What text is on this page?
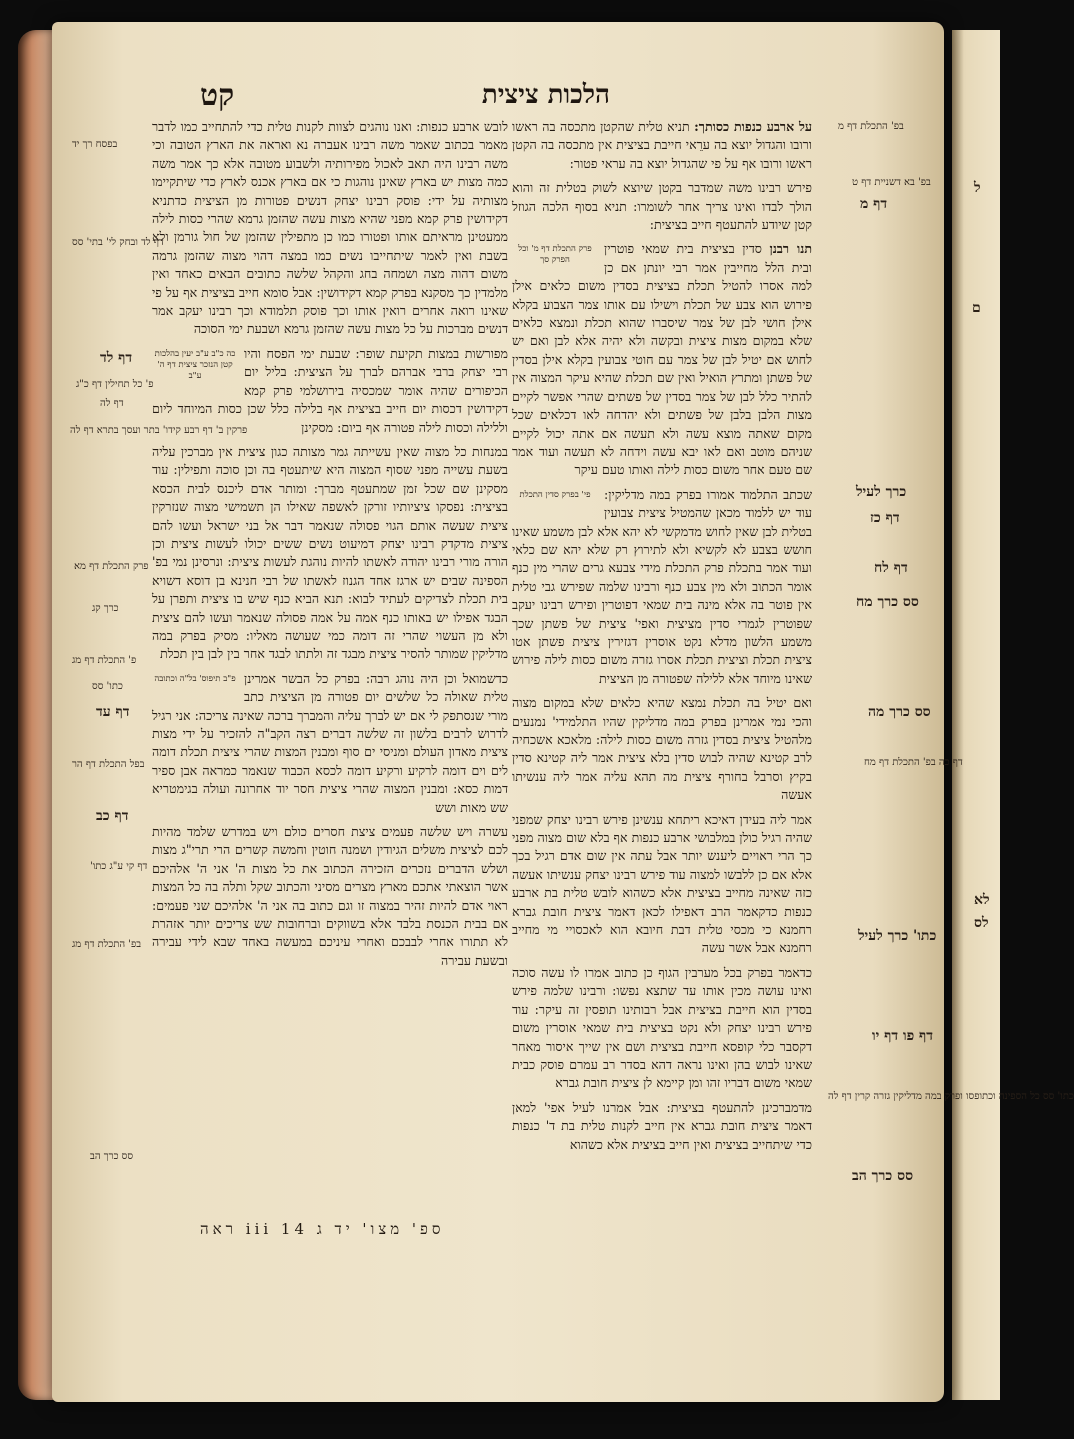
ל
ם
לא
לס
הלכות ציצית
קט

על ארבע כנפות כסותך: תניא טלית שהקטן מתכסה בה ראשו ורובו והגדול יוצא בה ערֵאי חייבת בציצית אין מתכסה בה הקטן ראשו ורובו אף על פי שהגדול יוצא בה עראי פטור:

פירש רבינו משה שמדבר בקטן שיוצא לשוק בטלית זה והוא הולך לבדו ואינו צריך אחר לשומרו: תניא בסוף הלכה הגוזל קטן שיודע להתעטף חייב בציצית:

פרק התכלת דף מ' וכל הפרק סך
תנו רבנן סדין בציצית בית שמאי פוטרין ובית הלל מחייבין אמר רבי יונתן אם כן למה אסרו להטיל תכלת בציצית בסדין משום כלאים אילן פירוש הוא צבע של תכלת וישילו עם אותו צמר הצבוע בקלא אילן חושי לבן של צמר שיסברו שהוא תכלת ונמצא כלאים שלא במקום מצות ציצית ובקשה ולא יהיה אלא לבן ואם יש לחוש אם יטיל לבן של צמר עם חוטי צבועין בקלא אילן בסדין של פשתן ומתרץ הואיל ואין שם תכלת שהיא עיקר המצוה אין להתיר כלל לבן של צמר בסדין של פשתים שהרי אפשר לקיים מצות הלבן בלבן של פשתים ולא יהדחה לאו דכלאים שכל מקום שאתה מוצא עשה ולא תעשה אם אתה יכול לקיים שניהם מוטב ואם לאו יבא עשה וידחה לא תעשה ועוד אמר שם טעם אחר משום כסות לילה ואותו טעם עיקר

פי' בפרק סדין התכלת	שכתב התלמוד אמורו בפרק במה מדליקין: עוד יש ללמוד מכאן שהמטיל ציצית צבועין בטלית לבן שאין לחוש מדמקשי לא יהא אלא לבן משמע שאינו חושש בצבע לא לקשיא ולא לתירוץ רק שלא יהא שם כלאי ועוד אמר בתכלת פרק התכלת מידי צבעא גרים שהרי מין כנף אומר הכתוב ולא מין צבע כנף ורבינו שלמה שפירש גבי טלית אין פוטר בה אלא מינה בית שמאי דפוטרין ופירש רבינו יעקב שפוטרין לגמרי סדין מציצית ואפי' ציצית של פשתן שכך משמע הלשון מדלא נקט אוסרין דגזירין ציצית פשתן אטו ציצית תכלת וציצית תכלת אסרו גזרה משום כסות לילה פירוש שאינו מיוחד אלא ללילה שפטורה מן הציצית

ואם יטיל בה תכלת נמצא שהיא כלאים שלא במקום מצוה והכי נמי אמרינן בפרק במה מדליקין שהיו התלמידי' נמנעים מלהטיל ציצית בסדין גזרה משום כסות לילה: מלאכא אשכחיה לרב קטינא שהיה לבוש סדין בלא ציצית אמר ליה קטינא סדין בקיץ וסרבל בחורף ציצית מה תהא עליה אמר ליה ענשיתו אעשה

אמר ליה בעידן דאיכא ריתחא ענשינן פירש רבינו יצחק שמפני שהיה רגיל כולן במלבושי ארבע כנפות אף בלא שום מצוה מפני כך הרי ראויים ליענש יותר אבל עתה אין שום אדם רגיל בכך אלא אם כן ללבשו למצוה עוד פירש רבינו יצחק ענשיתו אעשה כזה שאינה מחייב בציצית אלא כשהוא לובש טלית בת ארבע כנפות כדקאמר הרב דאפילו לכאן דאמר ציצית חובת גברא רחמנא כי מכסי טלית דבת חיובא הוא לאכסויי מי מחייב רחמנא אבל אשר עשה

כדאמר בפרק בכל מערבין הגוף כן כתוב אמרו לו עשה סוכה ואינו עושה מכין אותו עד שתצא נפשו: ורבינו שלמה פירש בסדין הוא חייבת בציצית אבל רבותינו תופסין זה עיקר: עוד פירש רבינו יצחק ולא נקט בציצית בית שמאי אוסרין משום דקסבר כלי קופסא חייבת בציצית ושם אין שייך איסור מאחר שאינו לבוש בהן ואינו נראה דהא בסדר רב עמרם פוסק כבית שמאי משום דבריו זהו ומן קיימא לן ציצית חובת גברא

מדמברכינן להתעטף בציצית: אבל אמרנו לעיל אפי' למאן דאמר ציצית חובת גברא אין חייב לקנות טלית בת ד' כנפות כדי שיתחייב בציצית ואין חייב בציצית אלא כשהוא

לובש ארבע כנפות: ואנו נוהגים לצוות לקנות טלית כדי להתחייב כמו לדבר מאמר בכתוב שאמר משה רבינו אעברה נא ואראה את הארץ הטובה וכי משה רבינו היה תאב לאכול מפירותיה ולשבוע מטובה אלא כך אמר משה כמה מצות יש בארץ שאינן נוהגות כי אם בארץ אכנס לארץ כדי שיתקיימו מצותיה על ידי: פוסק רבינו יצחק דנשים פטורות מן הציצית כדתניא דקידושין פרק קמא מפני שהיא מצות עשה שהזמן גרמא שהרי כסות לילה ממעטינן מראיתם אותו ופטורו כמו כן מתפילין שהזמן של חול גורמן ולא בשבת ואין לאמר שיתחייבו נשים כמו במצה דהוי מצוה שהזמן גרמה משום דהוה מצה ושמחה בחג והקהל שלשה כתובים הבאים כאחד ואין מלמדין כך מסקנא בפרק קמא דקידושין: אבל סומא חייב בציצית אף על פי שאינו רואה אחרים רואין אותו וכך פוסק תלמודא וכך רבינו יעקב אמר דנשים מברכות על כל מצות עשה שהזמן גרמא ושבעת ימי הסוכה

כה כ"ב ע"ב יעין בהלכות קטן הנזכר ציצית דף ה' ע"ב
מפורשות במצות תקיעת שופר: שבעת ימי הפסח והיו רבי יצחק ברבי אברהם לברך על הציצית: בליל יום הכיפורים שהיה אומר שמכסיה בירושלמי פרק קמא דקידושין דכסות יום חייב בציצית אף בלילה כלל שכן כסות המיוחד ליום וללילה וכסות לילה פטורה אף ביום: מסקינן

במנחות כל מצוה שאין עשייתה גמר מצותה כגון ציצית אין מברכין עליה בשעת עשייה מפני שסוף המצוה היא שיתעטף בה וכן סוכה ותפילין: עוד מסקינן שם שכל זמן שמתעטף מברך: ומותר אדם ליכנס לבית הכסא בציצית: נפסקו ציציותיו זורקן לאשפה שאילו הן תשמישי מצוה שנזרקין ציצית שעשה אותם הגוי פסולה שנאמר דבר אל בני ישראל ועשו להם ציצית מדקדק רבינו יצחק דמיעוט נשים ששים יכולו לעשות ציצית וכן הורה מורי רבינו יהודה לאשתו להיות נוהגת לעשות ציצית: ונרסינן נמי בפ' הספינה שבים יש ארגז אחד הגנוז לאשתו של רבי חנינא בן דוסא דשויא בית תכלת לצדיקים לעתיד לבוא: תנא הביא כנף שיש בו ציצית ותפרן על הבגד אפילו יש באותו כנף אמה על אמה פסולה שנאמר ועשו להם ציצית ולא מן העשוי שהרי זה דומה כמי שעושה מאליו: מסיק בפרק במה מדליקין שמותר להסיר ציצית מבגד זה ולתתו לבגד אחר בין לבן בין תכלת

פ"ב תיפוס' בל"ה וכתובה כדשמואל וכן היה נוהג רבה: בפרק כל הבשר אמרינן טלית שאולה כל שלשים יום פטורה מן הציצית כתב מורי שנסתפק לי אם יש לברך עליה והמברך ברכה שאינה צריכה: אני רגיל לדרוש לרבים בלשון זה שלשה דברים רצה הקב"ה להזכיר על ידי מצות ציצית מאדון העולם ומניסי ים סוף ומבנין המצות שהרי ציצית תכלת דומה לים וים דומה לרקיע ורקיע דומה לכסא הכבוד שנאמר כמראה אבן ספיר דמות כסא: ומבנין המצוה שהרי ציצית חסר יוד אחרונה ועולה בגימטריא שש מאות ושש

עשרה ויש שלשה פעמים ציצת חסרים כולם ויש במדרש שלמד מהיות לכם לציצית משלים הגיודין ושמנה חוטין וחמשה קשרים הרי תרי"ג מצות ושלש הדברים נזכרים הזכירה הכתוב את כל מצות ה' אני ה' אלהיכם אשר הוצאתי אתכם מארץ מצרים מסיני והכתוב שקל ותלה בה כל המצות ראוי אדם להיות זהיר במצוה זו וגם כתוב בה אני ה' אלהיכם שני פעמים: אם בבית הכנסת בלבד אלא בשווקים וברחובות שש צריכים יותר אזהרת לא תתורו אחרי לבבכם ואחרי עיניכם במעשה באחד שבא לידי עבירה ובשעת עבירה

בפסח רך יד
דף לד ובחק לי' בתי' סס
דף לד
פ' כל תחילין דף כ"ג
דף לה
פרקין ב' דף רבע קידו' בתר ועסך בתרא דף לה
פרק התכלת דף מא
כרך קג
פ' התכלת דף מג
כתו' סס
דף עד
בפל התכלת דף הר
דף כב
דף קי ע"ג כתו'
בפ' התכלת דף מג
סס כרך הב
בפ' התכלת דף מ
בפ' בא דשניית דף ט
דף מ
כרך לעיל
דף כז
דף לח
סס כרך מח
סס כרך מה
דף כה בפ' התכלת דף מח
כתו' כרך לעיל
דף פו דף יו
כתו' סס כל הספינה וכתופסו ופרק במה מדליקין גזרה קרין דף לה
סס כרך הב
ספ' מצו' יד ג iii 14 ראה
